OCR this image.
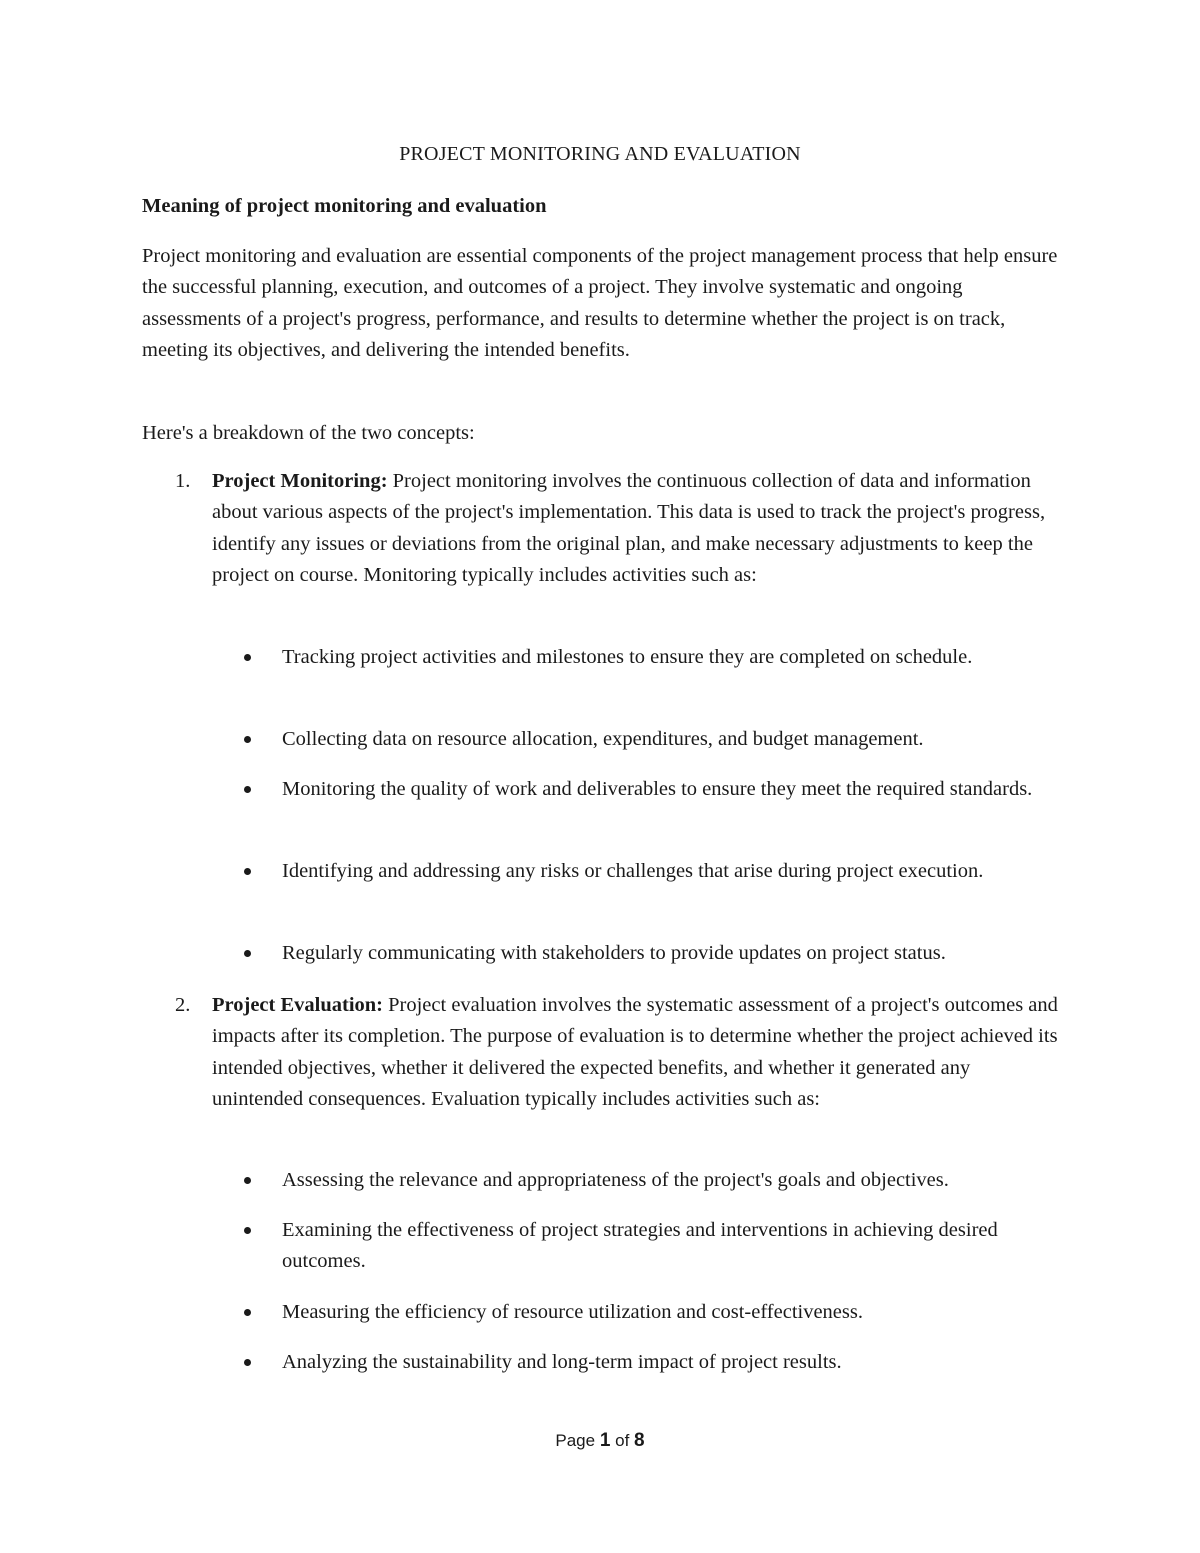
PROJECT MONITORING AND EVALUATION
Meaning of project monitoring and evaluation

Project monitoring and evaluation are essential components of the project management process that help ensure the successful planning, execution, and outcomes of a project. They involve systematic and ongoing assessments of a project's progress, performance, and results to determine whether the project is on track, meeting its objectives, and delivering the intended benefits.

Here's a breakdown of the two concepts:

1. Project Monitoring: Project monitoring involves the continuous collection of data and information about various aspects of the project's implementation. This data is used to track the project's progress, identify any issues or deviations from the original plan, and make necessary adjustments to keep the project on course. Monitoring typically includes activities such as:
Tracking project activities and milestones to ensure they are completed on schedule.
Collecting data on resource allocation, expenditures, and budget management.
Monitoring the quality of work and deliverables to ensure they meet the required standards.
Identifying and addressing any risks or challenges that arise during project execution.
Regularly communicating with stakeholders to provide updates on project status.
2. Project Evaluation: Project evaluation involves the systematic assessment of a project's outcomes and impacts after its completion. The purpose of evaluation is to determine whether the project achieved its intended objectives, whether it delivered the expected benefits, and whether it generated any unintended consequences. Evaluation typically includes activities such as:
Assessing the relevance and appropriateness of the project's goals and objectives.
Examining the effectiveness of project strategies and interventions in achieving desired outcomes.
Measuring the efficiency of resource utilization and cost-effectiveness.
Analyzing the sustainability and long-term impact of project results.
Page 1 of 8
